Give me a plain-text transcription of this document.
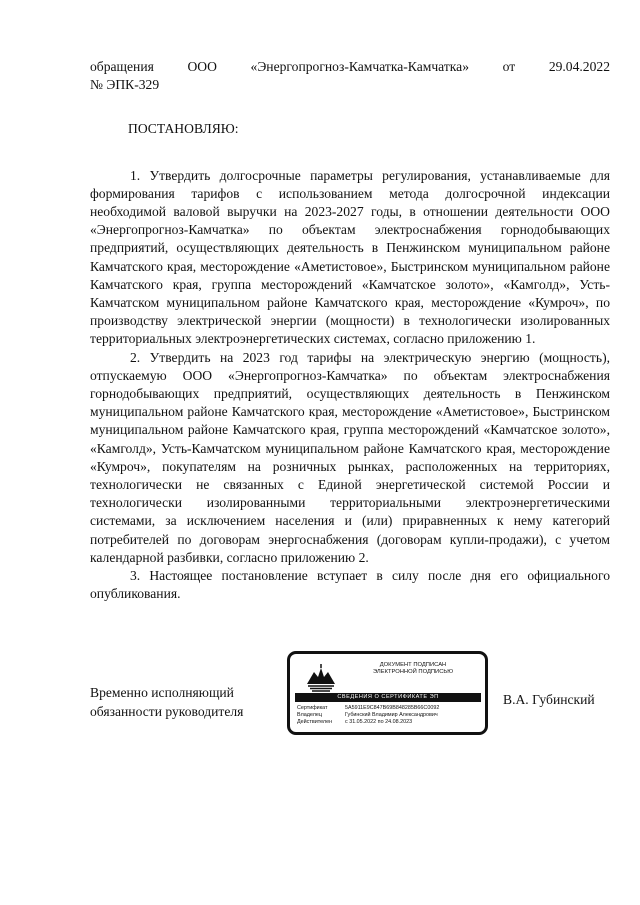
обращения ООО «Энергопрогноз-Камчатка-Камчатка» от 29.04.2022

№ ЭПК-329

ПОСТАНОВЛЯЮ:

1. Утвердить долгосрочные параметры регулирования, устанавливаемые для формирования тарифов с использованием метода долгосрочной индексации необходимой валовой выручки на 2023-2027 годы, в отношении деятельности ООО «Энергопрогноз-Камчатка» по объектам электроснабжения горнодобывающих предприятий, осуществляющих деятельность в Пенжинском муниципальном районе Камчатского края, месторождение «Аметистовое», Быстринском муниципальном районе Камчатского края, группа месторождений «Камчатское золото», «Камголд», Усть-Камчатском муниципальном районе Камчатского края, месторождение «Кумроч», по производству электрической энергии (мощности) в технологически изолированных территориальных электроэнергетических системах, согласно приложению 1.

2. Утвердить на 2023 год тарифы на электрическую энергию (мощность), отпускаемую ООО «Энергопрогноз-Камчатка» по объектам электроснабжения горнодобывающих предприятий, осуществляющих деятельность в Пенжинском муниципальном районе Камчатского края, месторождение «Аметистовое», Быстринском муниципальном районе Камчатского края, группа месторождений «Камчатское золото», «Камголд», Усть-Камчатском муниципальном районе Камчатского края, месторождение «Кумроч», покупателям на розничных рынках, расположенных на территориях, технологически не связанных с Единой энергетической системой России и технологически изолированными территориальными электроэнергетическими системами, за исключением населения и (или) приравненных к нему категорий потребителей по договорам энергоснабжения (договорам купли-продажи), с учетом календарной разбивки, согласно приложению 2.

3. Настоящее постановление вступает в силу после дня его официального опубликования.

Временно исполняющий
обязанности руководителя
ДОКУМЕНТ ПОДПИСАН
ЭЛЕКТРОННОЙ ПОДПИСЬЮ
СВЕДЕНИЯ О СЕРТИФИКАТЕ ЭП
Сертификат	5A5911E9C847B69B848285B66C0092
Владелец	Губинский Владимир Александрович
Действителен	с 31.05.2022 по 24.08.2023
В.А. Губинский
